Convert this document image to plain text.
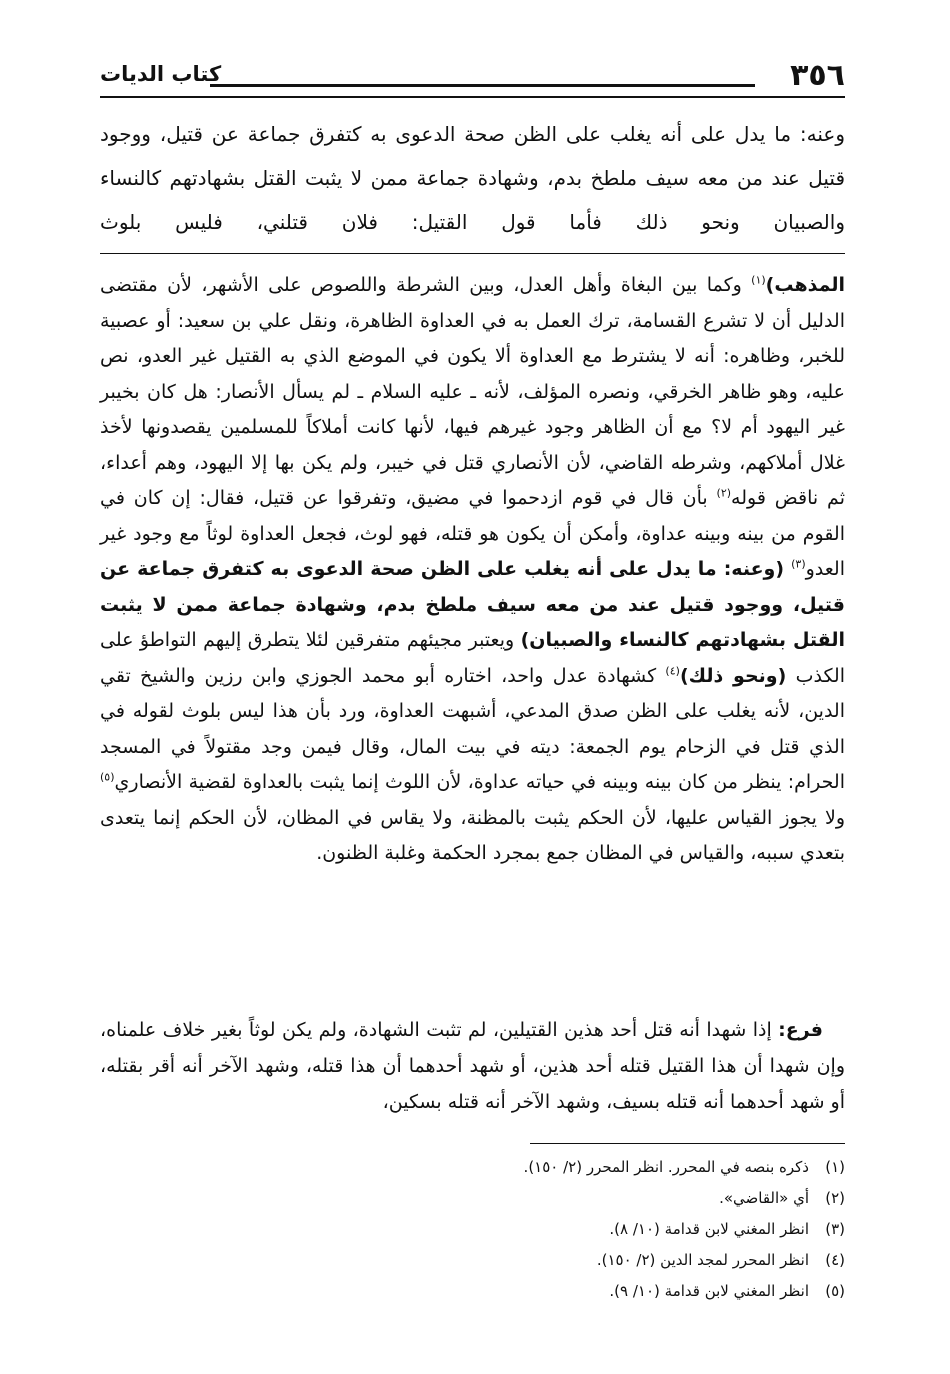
٣٥٦
كتاب الديات
وعنه: ما يدل على أنه يغلب على الظن صحة الدعوى به كتفرق جماعة عن قتيل، ووجود قتيل عند من معه سيف ملطخ بدم، وشهادة جماعة ممن لا يثبت القتل بشهادتهم كالنساء والصبيان ونحو ذلك فأما قول القتيل: فلان قتلني، فليس بلوث
المذهب)$^{(١)}$ وكما بين البغاة وأهل العدل، وبين الشرطة واللصوص على الأشهر، لأن مقتضى الدليل أن لا تشرع القسامة، ترك العمل به في العداوة الظاهرة، ونقل علي بن سعيد: أو عصبية للخبر، وظاهره: أنه لا يشترط مع العداوة ألا يكون في الموضع الذي به القتيل غير العدو، نص عليه، وهو ظاهر الخرقي، ونصره المؤلف، لأنه ـ عليه السلام ـ لم يسأل الأنصار: هل كان بخيبر غير اليهود أم لا؟ مع أن الظاهر وجود غيرهم فيها، لأنها كانت أملاكاً للمسلمين يقصدونها لأخذ غلال أملاكهم، وشرطه القاضي، لأن الأنصاري قتل في خيبر، ولم يكن بها إلا اليهود، وهم أعداء، ثم ناقض قوله$^{(٢)}$ بأن قال في قوم ازدحموا في مضيق، وتفرقوا عن قتيل، فقال: إن كان في القوم من بينه وبينه عداوة، وأمكن أن يكون هو قتله، فهو لوث، فجعل العداوة لوثاً مع وجود غير العدو$^{(٣)}$ (وعنه: ما يدل على أنه يغلب على الظن صحة الدعوى به كتفرق جماعة عن قتيل، ووجود قتيل عند من معه سيف ملطخ بدم، وشهادة جماعة ممن لا يثبت القتل بشهادتهم كالنساء والصبيان) ويعتبر مجيئهم متفرقين لئلا يتطرق إليهم التواطؤ على الكذب (ونحو ذلك)$^{(٤)}$ كشهادة عدل واحد، اختاره أبو محمد الجوزي وابن رزين والشيخ تقي الدين، لأنه يغلب على الظن صدق المدعي، أشبهت العداوة، ورد بأن هذا ليس بلوث لقوله في الذي قتل في الزحام يوم الجمعة: ديته في بيت المال، وقال فيمن وجد مقتولاً في المسجد الحرام: ينظر من كان بينه وبينه في حياته عداوة، لأن اللوث إنما يثبت بالعداوة لقضية الأنصاري$^{(٥)}$ ولا يجوز القياس عليها، لأن الحكم يثبت بالمظنة، ولا يقاس في المظان، لأن الحكم إنما يتعدى بتعدي سببه، والقياس في المظان جمع بمجرد الحكمة وغلبة الظنون.
فرع: إذا شهدا أنه قتل أحد هذين القتيلين، لم تثبت الشهادة، ولم يكن لوثاً بغير خلاف علمناه، وإن شهدا أن هذا القتيل قتله أحد هذين، أو شهد أحدهما أن هذا قتله، وشهد الآخر أنه أقر بقتله، أو شهد أحدهما أنه قتله بسيف، وشهد الآخر أنه قتله بسكين،
(١)ذكره بنصه في المحرر. انظر المحرر (٢/ ١٥٠).
(٢)أي «القاضي».
(٣)انظر المغني لابن قدامة (١٠/ ٨).
(٤)انظر المحرر لمجد الدين (٢/ ١٥٠).
(٥)انظر المغني لابن قدامة (١٠/ ٩).
